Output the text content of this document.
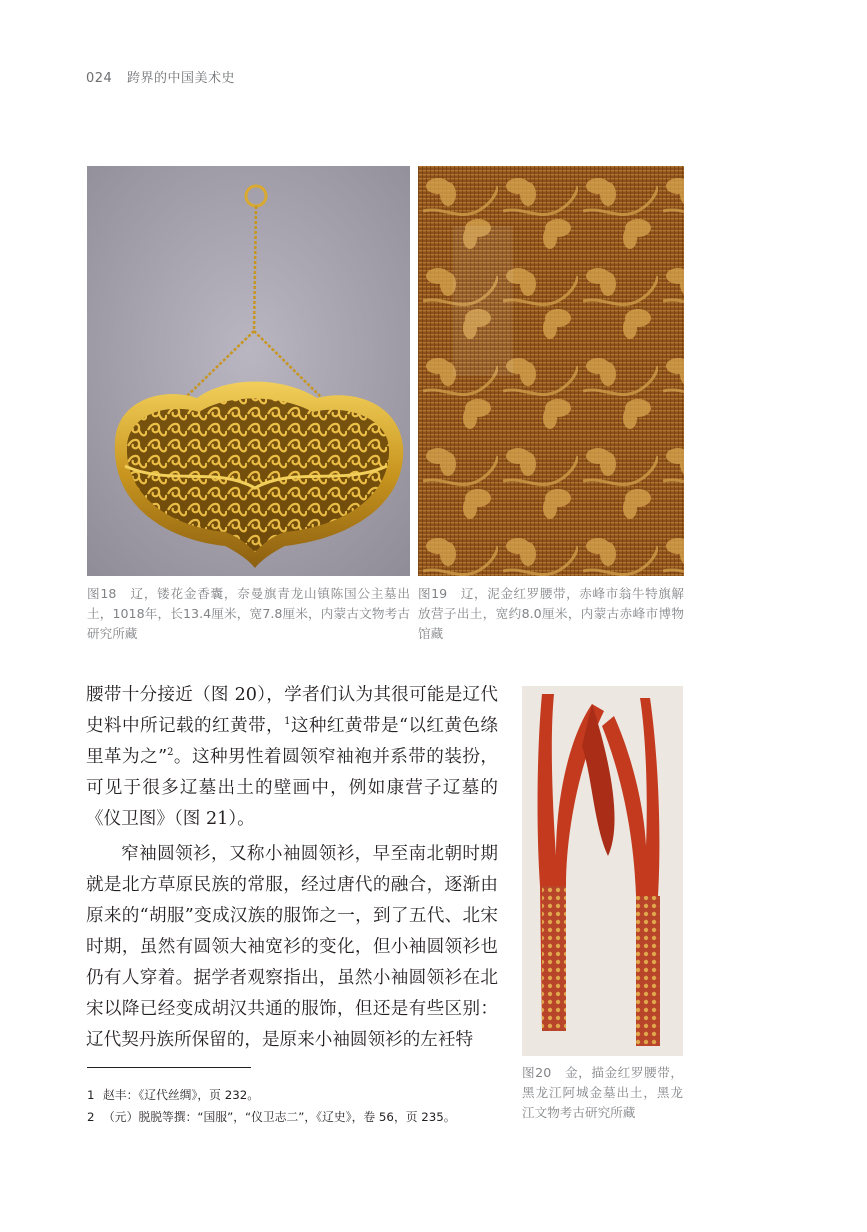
024 跨界的中国美术史
图18　辽，镂花金香囊，奈曼旗青龙山镇陈国公主墓出土，1018年，长13.4厘米，宽7.8厘米，内蒙古文物考古研究所藏
图19　辽，泥金红罗腰带，赤峰市翁牛特旗解放营子出土，宽约8.0厘米，内蒙古赤峰市博物馆藏
图20　金，描金红罗腰带，黑龙江阿城金墓出土，黑龙江文物考古研究所藏

腰带十分接近（图 20），学者们认为其很可能是辽代史料中所记载的红黄带，$^1$这种红黄带是“以红黄色绦里革为之”$^2$。这种男性着圆领窄袖袍并系带的装扮，可见于很多辽墓出土的壁画中，例如康营子辽墓的《仪卫图》（图 21）。

窄袖圆领衫，又称小袖圆领衫，早至南北朝时期就是北方草原民族的常服，经过唐代的融合，逐渐由原来的“胡服”变成汉族的服饰之一，到了五代、北宋时期，虽然有圆领大袖宽衫的变化，但小袖圆领衫也仍有人穿着。据学者观察指出，虽然小袖圆领衫在北宋以降已经变成胡汉共通的服饰，但还是有些区别：辽代契丹族所保留的，是原来小袖圆领衫的左衽特

1 赵丰：《辽代丝绸》，页 232。
2 （元）脱脱等撰：“国服”，“仪卫志二”，《辽史》，卷 56，页 235。
